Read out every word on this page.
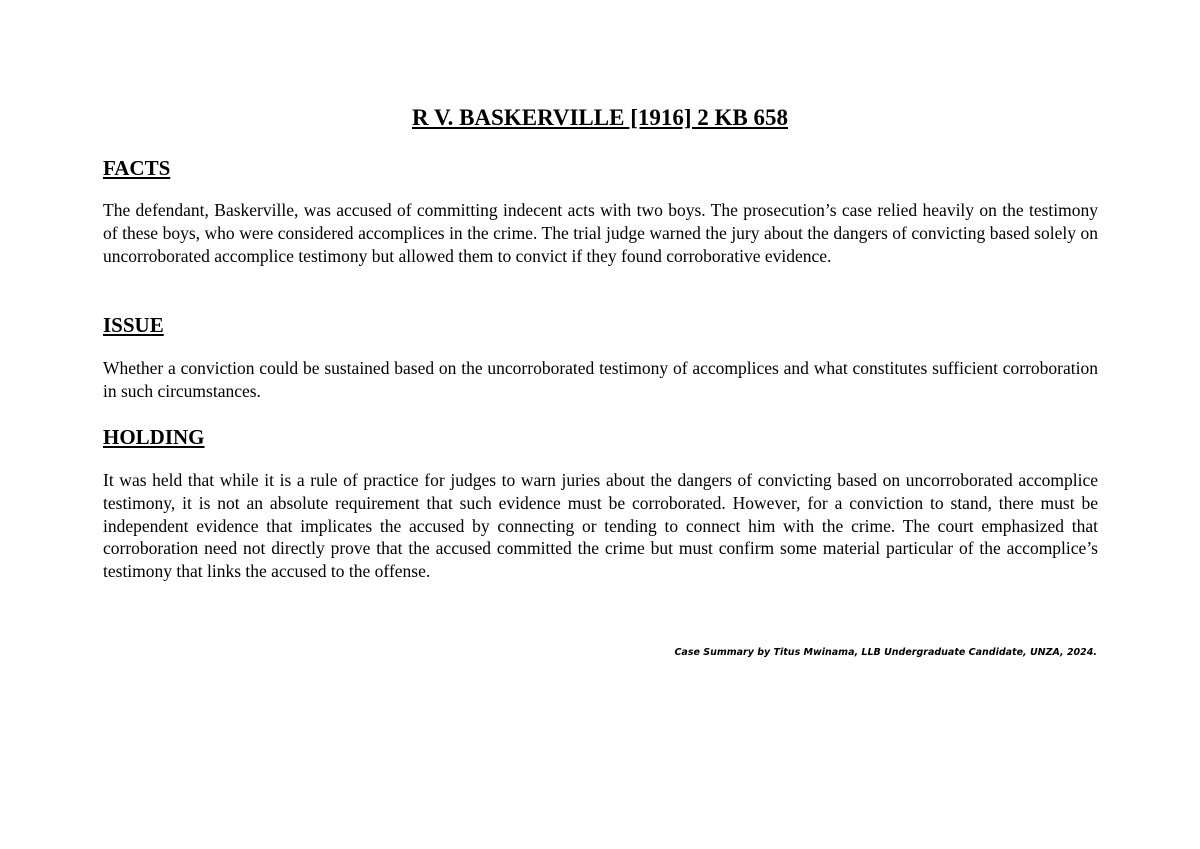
R V. BASKERVILLE [1916] 2 KB 658
FACTS

The defendant, Baskerville, was accused of committing indecent acts with two boys. The prosecution’s case relied heavily on the testimony of these boys, who were considered accomplices in the crime. The trial judge warned the jury about the dangers of convicting based solely on uncorroborated accomplice testimony but allowed them to convict if they found corroborative evidence.

ISSUE

Whether a conviction could be sustained based on the uncorroborated testimony of accomplices and what constitutes sufficient corroboration in such circumstances.

HOLDING

It was held that while it is a rule of practice for judges to warn juries about the dangers of convicting based on uncorroborated accomplice testimony, it is not an absolute requirement that such evidence must be corroborated. However, for a conviction to stand, there must be independent evidence that implicates the accused by connecting or tending to connect him with the crime. The court emphasized that corroboration need not directly prove that the accused committed the crime but must confirm some material particular of the accomplice’s testimony that links the accused to the offense.

Case Summary by Titus Mwinama, LLB Undergraduate Candidate, UNZA, 2024.
